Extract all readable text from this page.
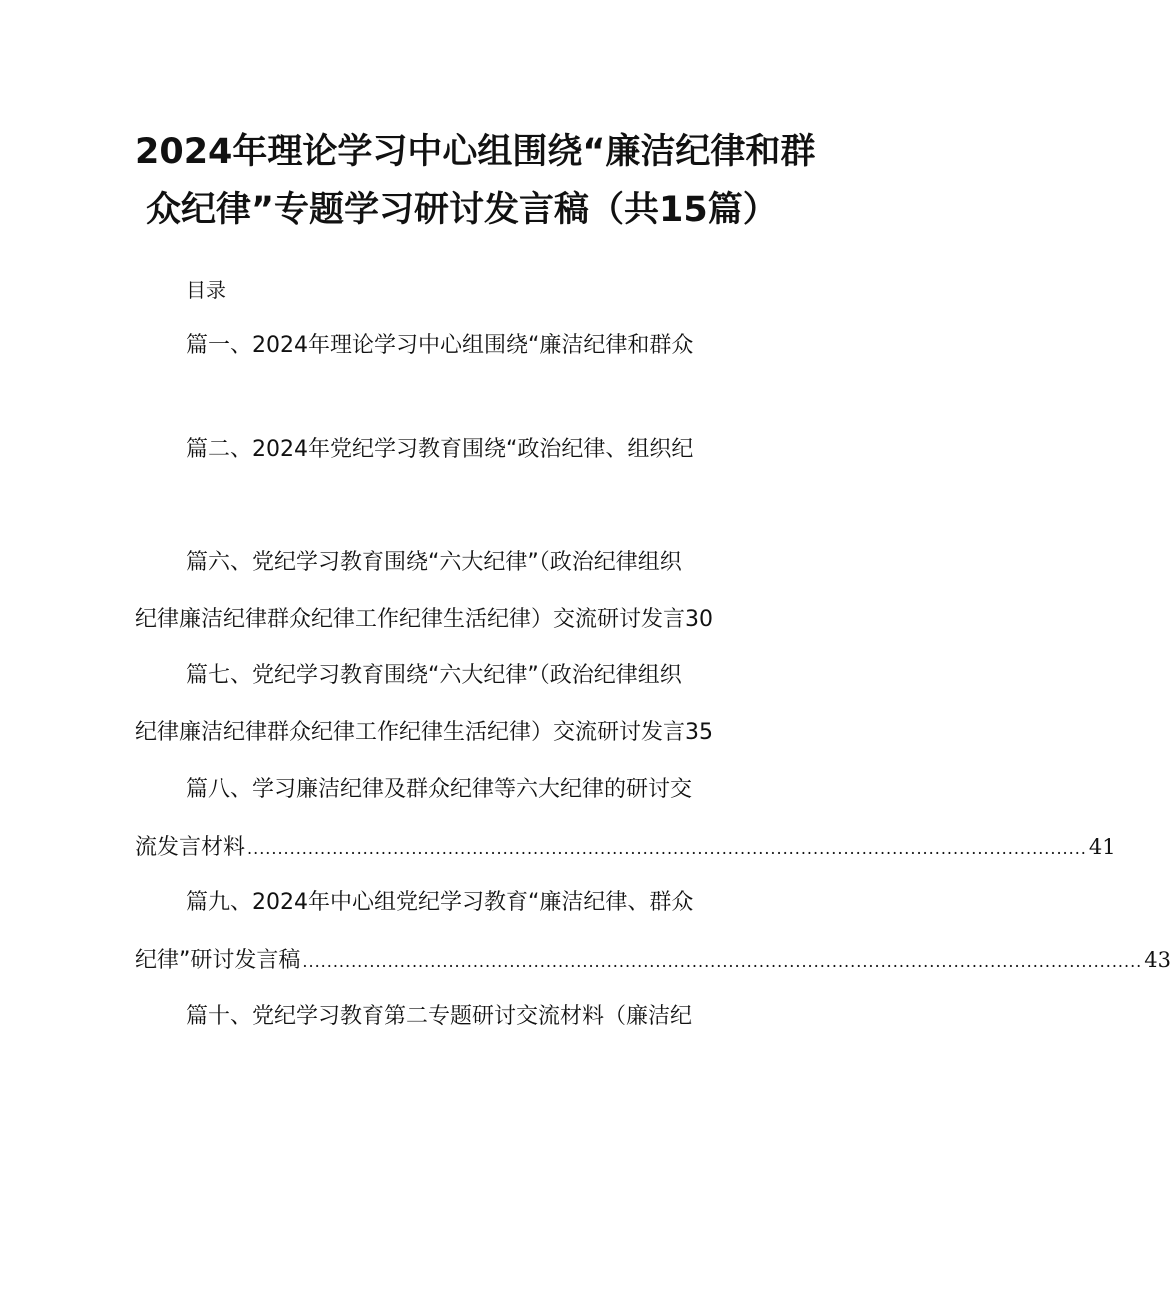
2024年理论学习中心组围绕“廉洁纪律和群
众纪律”专题学习研讨发言稿（共15篇）
目录
篇一、2024年理论学习中心组围绕“廉洁纪律和群众
篇二、2024年党纪学习教育围绕“政治纪律、组织纪
篇六、党纪学习教育围绕“六大纪律”（政治纪律组织
纪律廉洁纪律群众纪律工作纪律生活纪律）交流研讨发言30
篇七、党纪学习教育围绕“六大纪律”（政治纪律组织
纪律廉洁纪律群众纪律工作纪律生活纪律）交流研讨发言35
篇八、学习廉洁纪律及群众纪律等六大纪律的研讨交
流发言材料 .......................................................................................................................................... 41
篇九、2024年中心组党纪学习教育“廉洁纪律、群众
纪律”研讨发言稿 .......................................................................................................................................... 43
篇十、党纪学习教育第二专题研讨交流材料（廉洁纪
